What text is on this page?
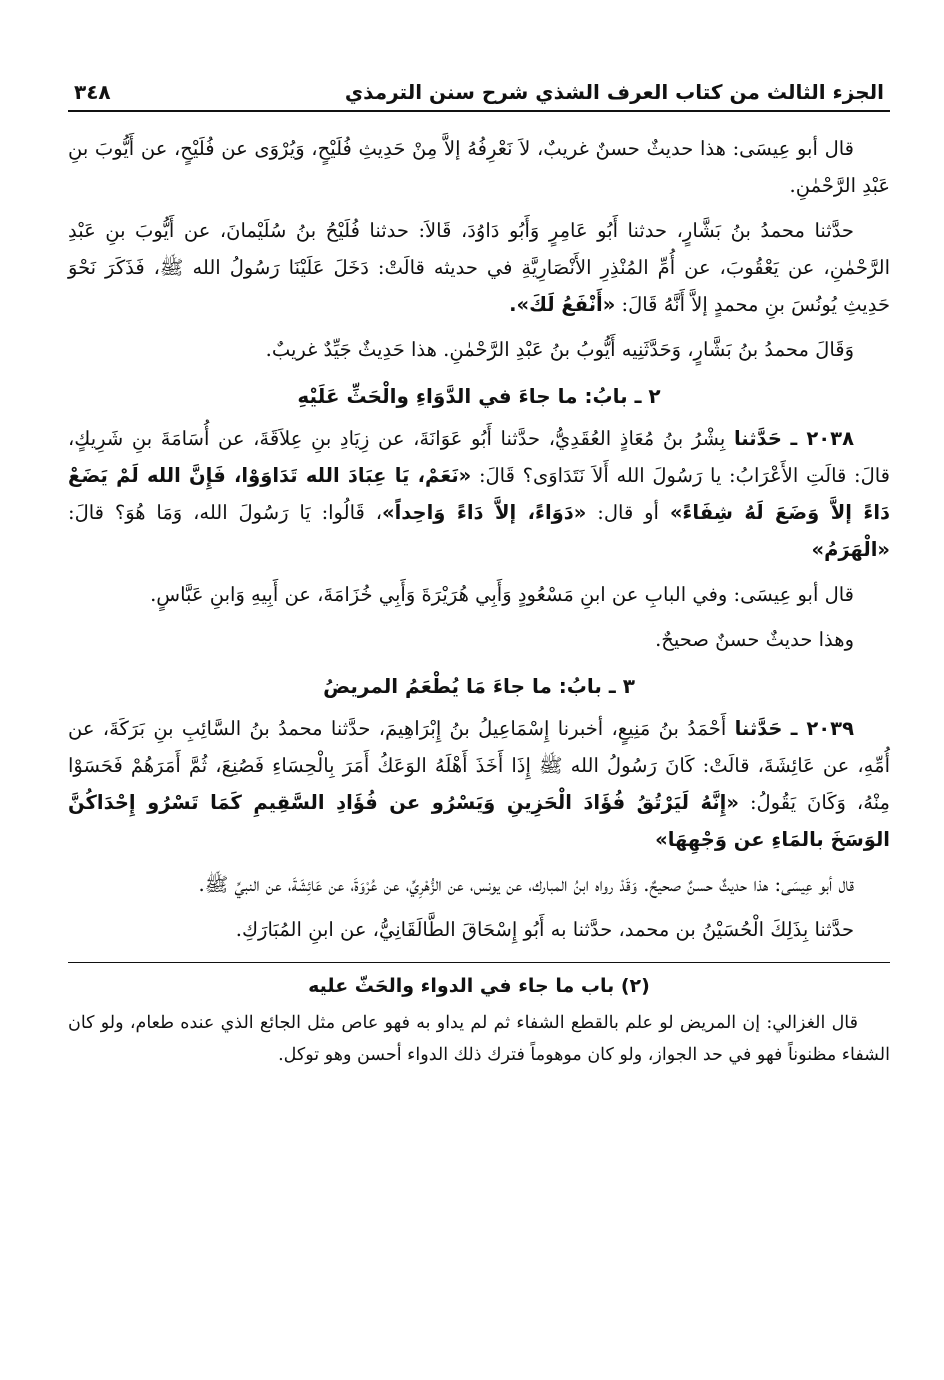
الجزء الثالث من كتاب العرف الشذي شرح سنن الترمذي
٣٤٨

قال أبو عِيسَى: هذا حديثٌ حسنٌ غريبٌ، لاَ نَعْرِفُهُ إلاَّ مِنْ حَدِيثِ فُلَيْحٍ، وَيُرْوَى عن فُلَيْحٍ، عن أَيُّوبَ بنِ عَبْدِ الرَّحْمٰنِ.

حدَّثنا محمدُ بنُ بَشَّارٍ، حدثنا أَبُو عَامِرٍ وَأَبُو دَاوُدَ، قَالاَ: حدثنا فُلَيْحُ بنُ سُلَيْمانَ، عن أَيُّوبَ بنِ عَبْدِ الرَّحْمٰنِ، عن يَعْقُوبَ، عن أُمِّ المُنْذِرِ الأَنْصَارِيَّةِ في حديثه قالَتْ: دَخَلَ عَلَيْنَا رَسُولُ الله ﷺ، فَذَكَرَ نَحْوَ حَدِيثِ يُونُسَ بنِ محمدٍ إلاَّ أَنَّهُ قَالَ: «أَنْفَعُ لَكَ».

وَقَالَ محمدُ بنُ بَشَّارٍ، وَحَدَّثَنِيه أَيُّوبُ بنُ عَبْدِ الرَّحْمٰنِ. هذا حَدِيثٌ جَيِّدٌ غريبٌ.

٢ ـ بابُ: ما جاءَ في الدَّوَاءِ والْحَثِّ عَلَيْهِ

٢٠٣٨ ـ حَدَّثنا بِشْرُ بنُ مُعَاذٍ العُقَدِيُّ، حدَّثنا أَبُو عَوَانَةَ، عن زِيَادِ بنِ عِلاَقَةَ، عن أُسَامَةَ بنِ شَرِيكٍ، قالَ: قالَتِ الأَعْرَابُ: يا رَسُولَ الله أَلاَ نَتَدَاوَى؟ قَالَ: «نَعَمْ، يَا عِبَادَ الله تَدَاوَوْا، فَإِنَّ الله لَمْ يَضَعْ دَاءً إلاَّ وَضَعَ لَهُ شِفَاءً» أو قال: «دَوَاءً، إلاَّ دَاءً وَاحِداً»، قَالُوا: يَا رَسُولَ الله، وَمَا هُوَ؟ قالَ: «الْهَرَمُ»

قال أبو عِيسَى: وفي البابِ عن ابنِ مَسْعُودٍ وَأَبِي هُرَيْرَةَ وَأَبِي خُزَامَةَ، عن أَبِيهِ وَابنِ عَبَّاسٍ.

وهذا حديثٌ حسنٌ صحيحٌ.

٣ ـ بابُ: ما جاءَ مَا يُطْعَمُ المريضُ

٢٠٣٩ ـ حَدَّثنا أَحْمَدُ بنُ مَنِيعٍ، أخبرنا إِسْمَاعِيلُ بنُ إِبْرَاهِيمَ، حدَّثنا محمدُ بنُ السَّائِبِ بنِ بَرَكَةَ، عن أُمِّهِ، عن عَائِشَةَ، قالَتْ: كَانَ رَسُولُ الله ﷺ إِذَا أَخَذَ أَهْلَهُ الوَعَكُ أَمَرَ بِالْحِسَاءِ فَصُنِعَ، ثُمَّ أَمَرَهُمْ فَحَسَوْا مِنْهُ، وَكَانَ يَقُولُ: «إِنَّهُ لَيَرْتُقُ فُؤَادَ الْحَزِينِ وَيَسْرُو عن فُؤَادِ السَّقِيمِ كَمَا تَسْرُو إِحْدَاكُنَّ الوَسَخَ بالمَاءِ عن وَجْهِهَا»

قال أبو عِيسَى: هذا حديثٌ حسنٌ صحيحٌ. وَقَدْ رواه ابنُ المبارك، عن يونس، عن الزُّهْرِيِّ، عن عُرْوَةَ، عن عَائِشَةَ، عن النبيِّ ﷺ.

حدَّثنا بِذَلِكَ الْحُسَيْنُ بن محمد، حدَّثنا به أَبُو إِسْحَاقَ الطَّالَقَانِيُّ، عن ابنِ المُبَارَكِ.

(٢) باب ما جاء في الدواء والحَثّ عليه

قال الغزالي: إن المريض لو علم بالقطع الشفاء ثم لم يداو به فهو عاص مثل الجائع الذي عنده طعام، ولو كان الشفاء مظنوناً فهو في حد الجواز، ولو كان موهوماً فترك ذلك الدواء أحسن وهو توكل.
